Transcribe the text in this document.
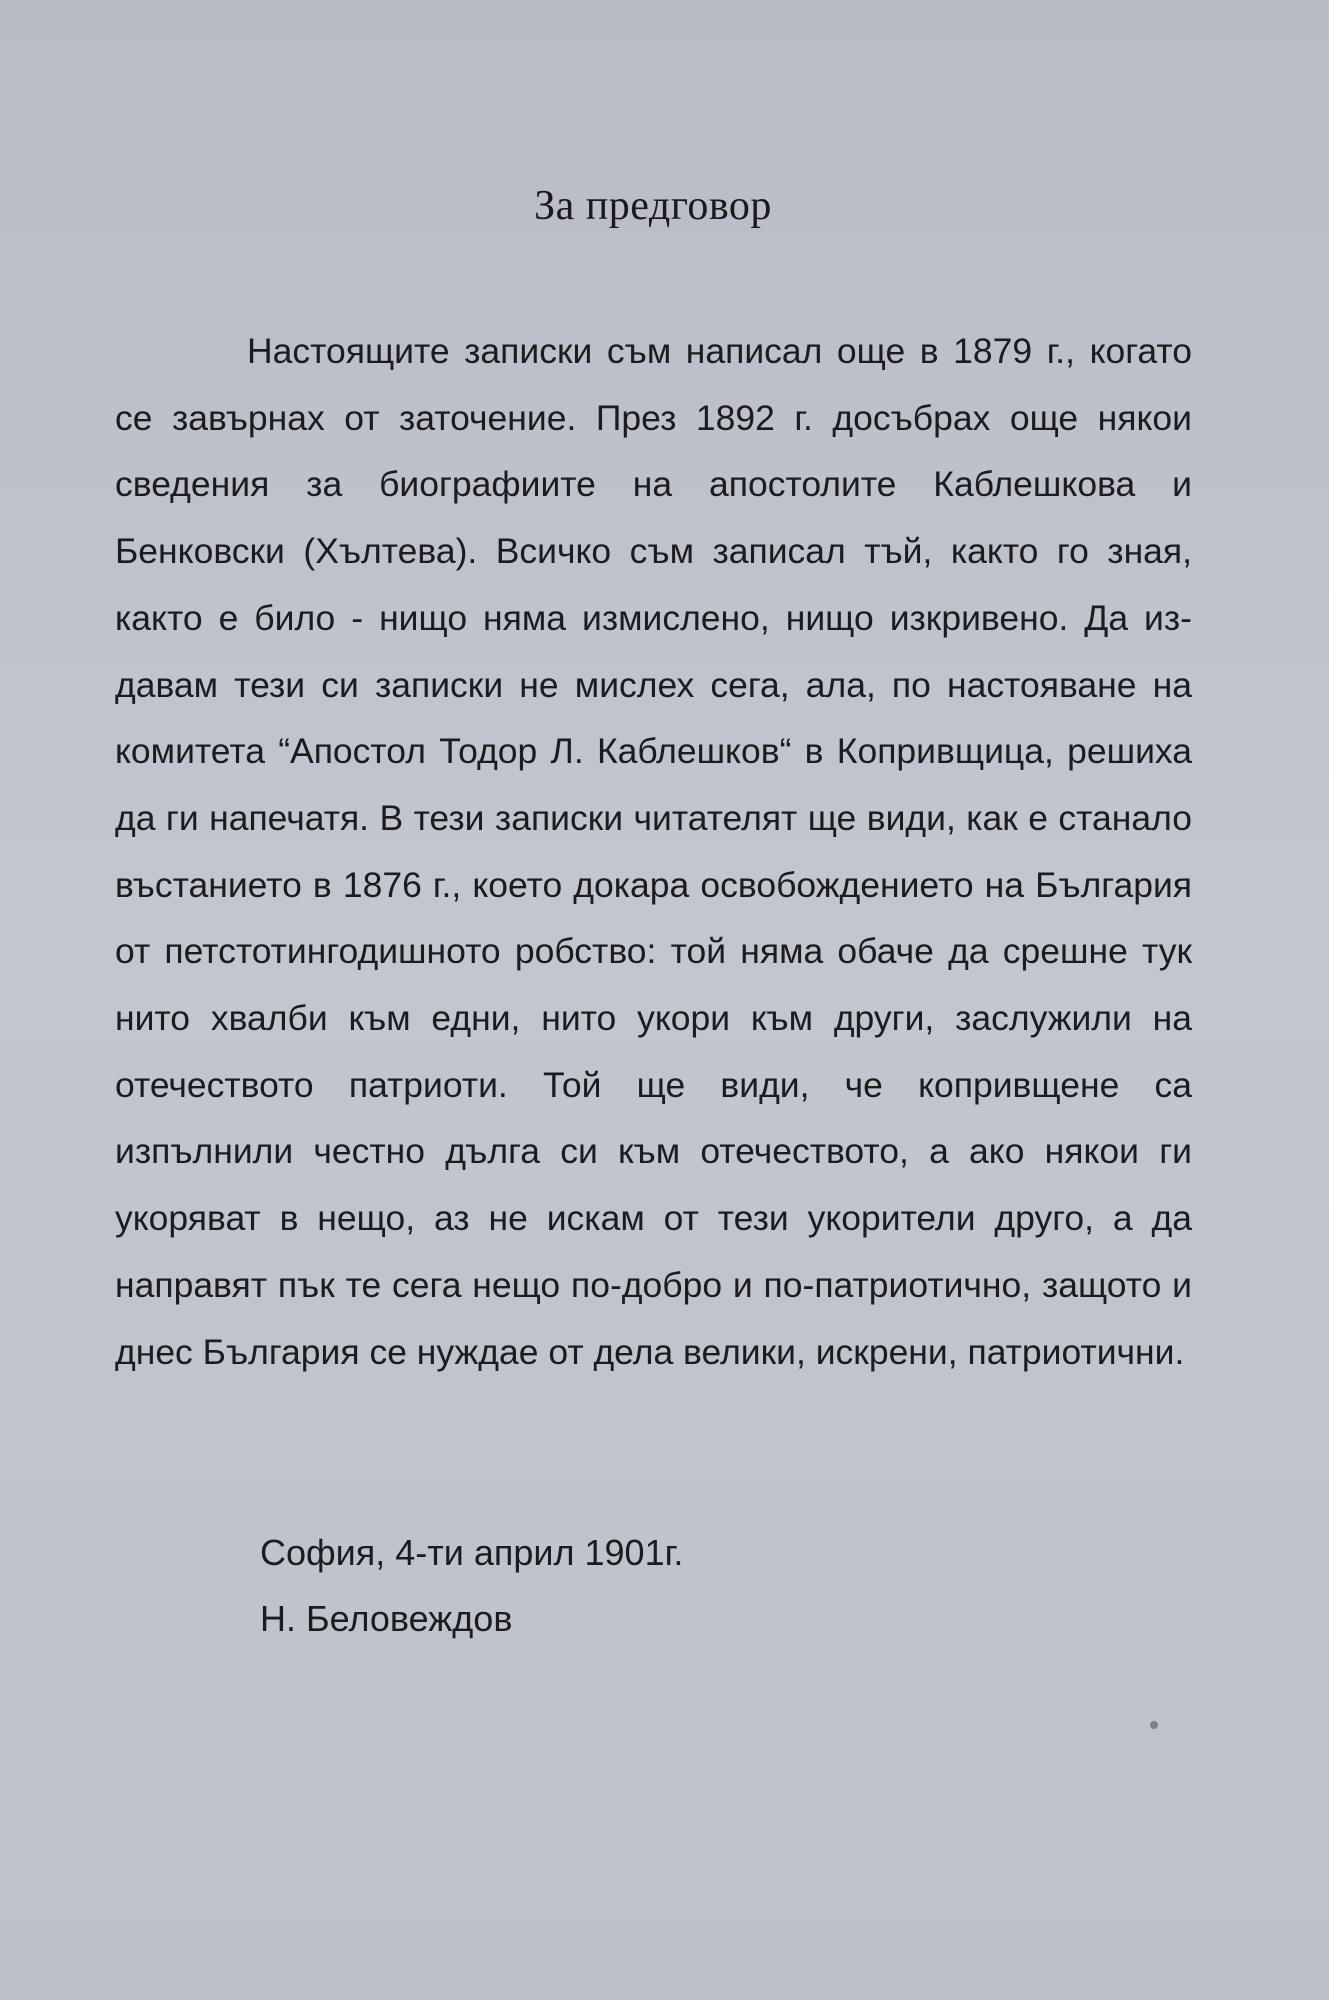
За предговор

Настоящите записки съм написал още в 1879 г., когато се завърнах от заточение. През 1892 г. досъбрах още някои сведения за биографиите на апостолите Каблешкова и Бенковски (Хълтева). Всичко съм записал тъй, както го зная, както е било - нищо няма измислено, нищо изкривено. Да издавам тези си записки не мислех сега, ала, по настояване на комитета “Апостол Тодор Л. Каблешков“ в Копривщица, решиха да ги напечатя. В тези записки читателят ще види, как е станало въстанието в 1876 г., което докара освобождението на България от петстотингодишното робство: той няма обаче да срешне тук нито хвалби към едни, нито укори към други, заслужили на отечеството патриоти. Той ще види, че копривщене са изпълнили честно дълга си към отечеството, а ако някои ги укоряват в нещо, аз не искам от тези укорители друго, а да направят пък те сега нещо по-добро и по-патриотично, защото и днес България се нуждае от дела велики, искрени, патриотични.

София, 4-ти април 1901г.
Н. Беловеждов
